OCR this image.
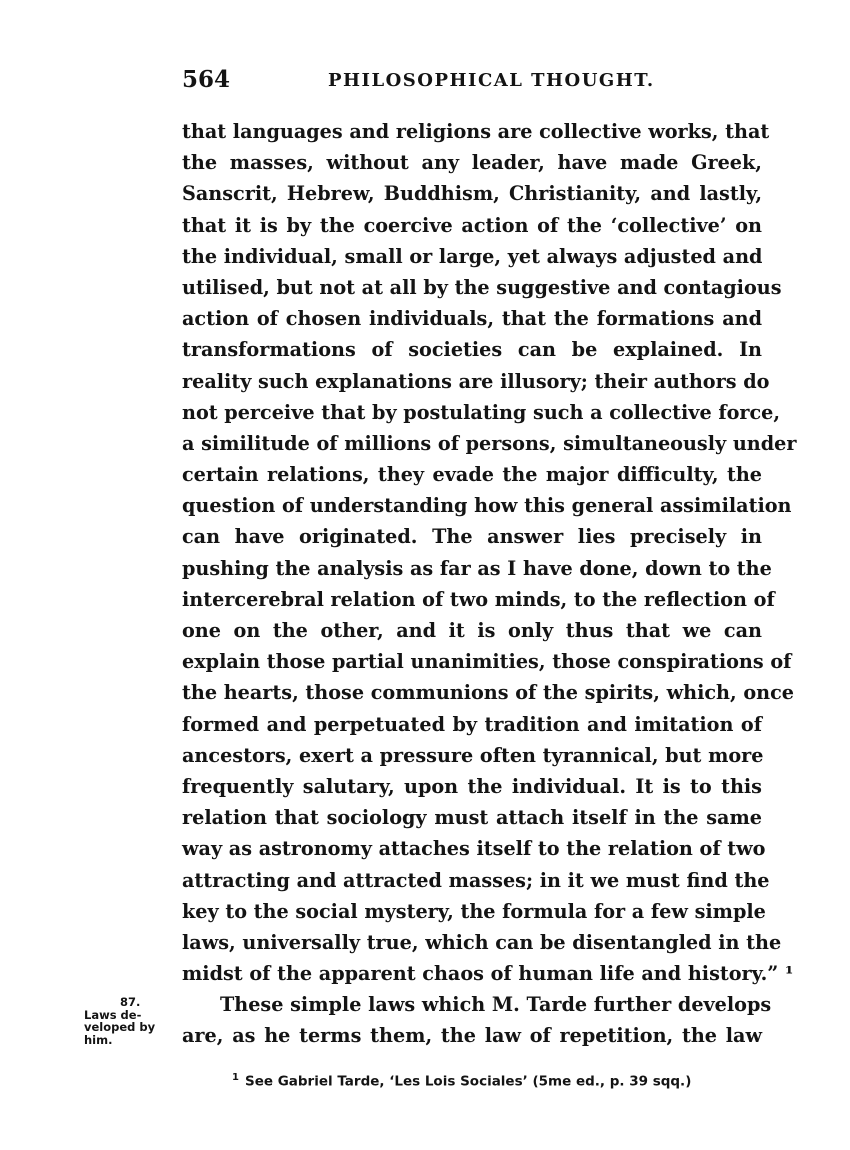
564	PHILOSOPHICAL THOUGHT.
that languages and religions are collective works, that
the masses, without any leader, have made Greek,
Sanscrit, Hebrew, Buddhism, Christianity, and lastly,
that it is by the coercive action of the ‘collective’ on
the individual, small or large, yet always adjusted and
utilised, but not at all by the suggestive and contagious
action of chosen individuals, that the formations and
transformations of societies can be explained. In
reality such explanations are illusory; their authors do
not perceive that by postulating such a collective force,
a similitude of millions of persons, simultaneously under
certain relations, they evade the major difficulty, the
question of understanding how this general assimilation
can have originated. The answer lies precisely in
pushing the analysis as far as I have done, down to the
intercerebral relation of two minds, to the reflection of
one on the other, and it is only thus that we can
explain those partial unanimities, those conspirations of
the hearts, those communions of the spirits, which, once
formed and perpetuated by tradition and imitation of
ancestors, exert a pressure often tyrannical, but more
frequently salutary, upon the individual. It is to this
relation that sociology must attach itself in the same
way as astronomy attaches itself to the relation of two
attracting and attracted masses; in it we must find the
key to the social mystery, the formula for a few simple
laws, universally true, which can be disentangled in the
midst of the apparent chaos of human life and history.” ¹
These simple laws which M. Tarde further develops
are, as he terms them, the law of repetition, the law
87.
Laws de-
veloped by
him.
$^1$ See Gabriel Tarde, ‘Les Lois Sociales’ (5me ed., p. 39 sqq.)
